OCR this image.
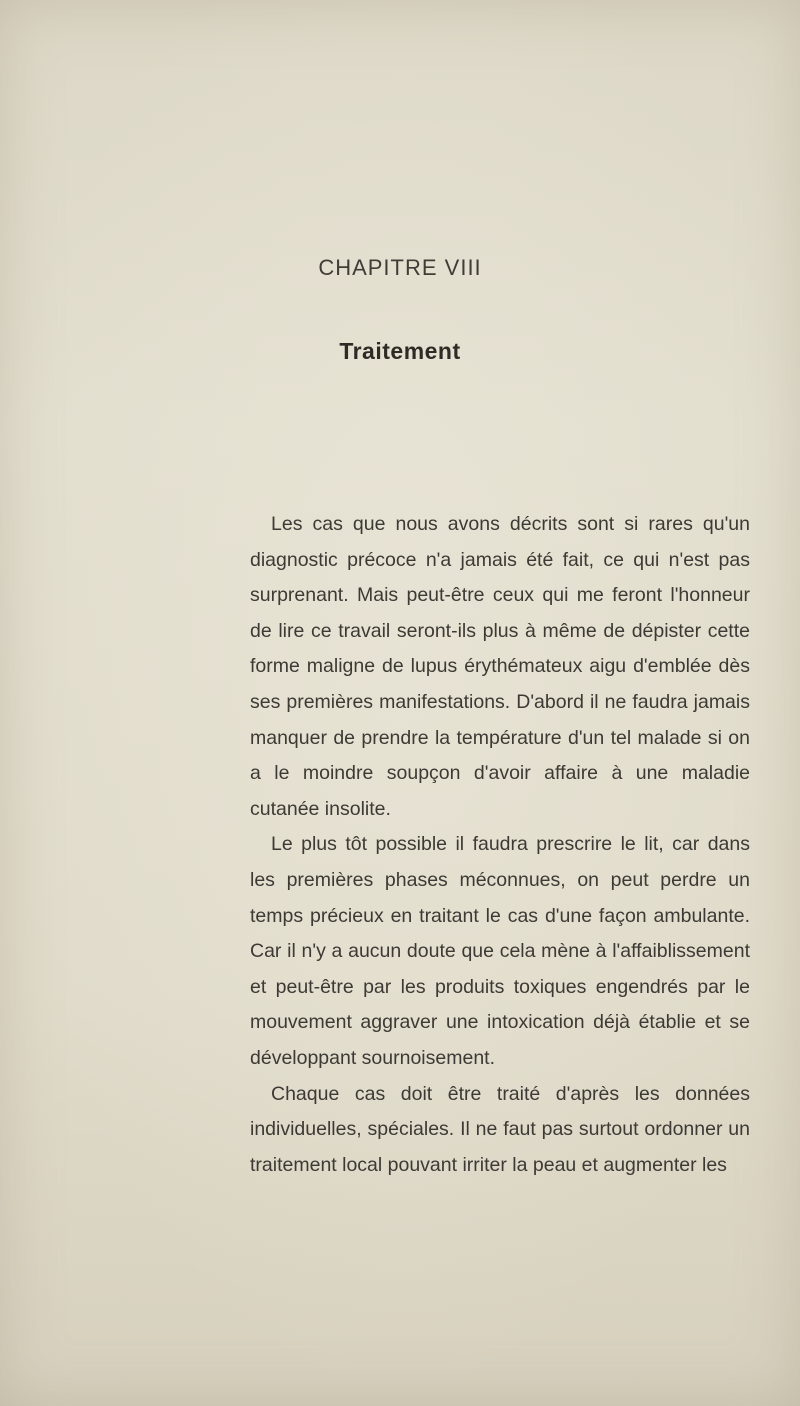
CHAPITRE VIII
Traitement

Les cas que nous avons décrits sont si rares qu'un diagnostic précoce n'a jamais été fait, ce qui n'est pas surprenant. Mais peut-être ceux qui me feront l'honneur de lire ce travail seront-ils plus à même de dépister cette forme maligne de lupus érythémateux aigu d'emblée dès ses premières manifestations. D'abord il ne faudra jamais manquer de prendre la température d'un tel malade si on a le moindre soupçon d'avoir affaire à une maladie cutanée insolite.

Le plus tôt possible il faudra prescrire le lit, car dans les premières phases méconnues, on peut perdre un temps précieux en traitant le cas d'une façon ambulante. Car il n'y a aucun doute que cela mène à l'affaiblissement et peut-être par les produits toxiques engendrés par le mouvement aggraver une intoxication déjà établie et se développant sournoisement.

Chaque cas doit être traité d'après les données individuelles, spéciales. Il ne faut pas surtout ordonner un traitement local pouvant irriter la peau et augmenter les
